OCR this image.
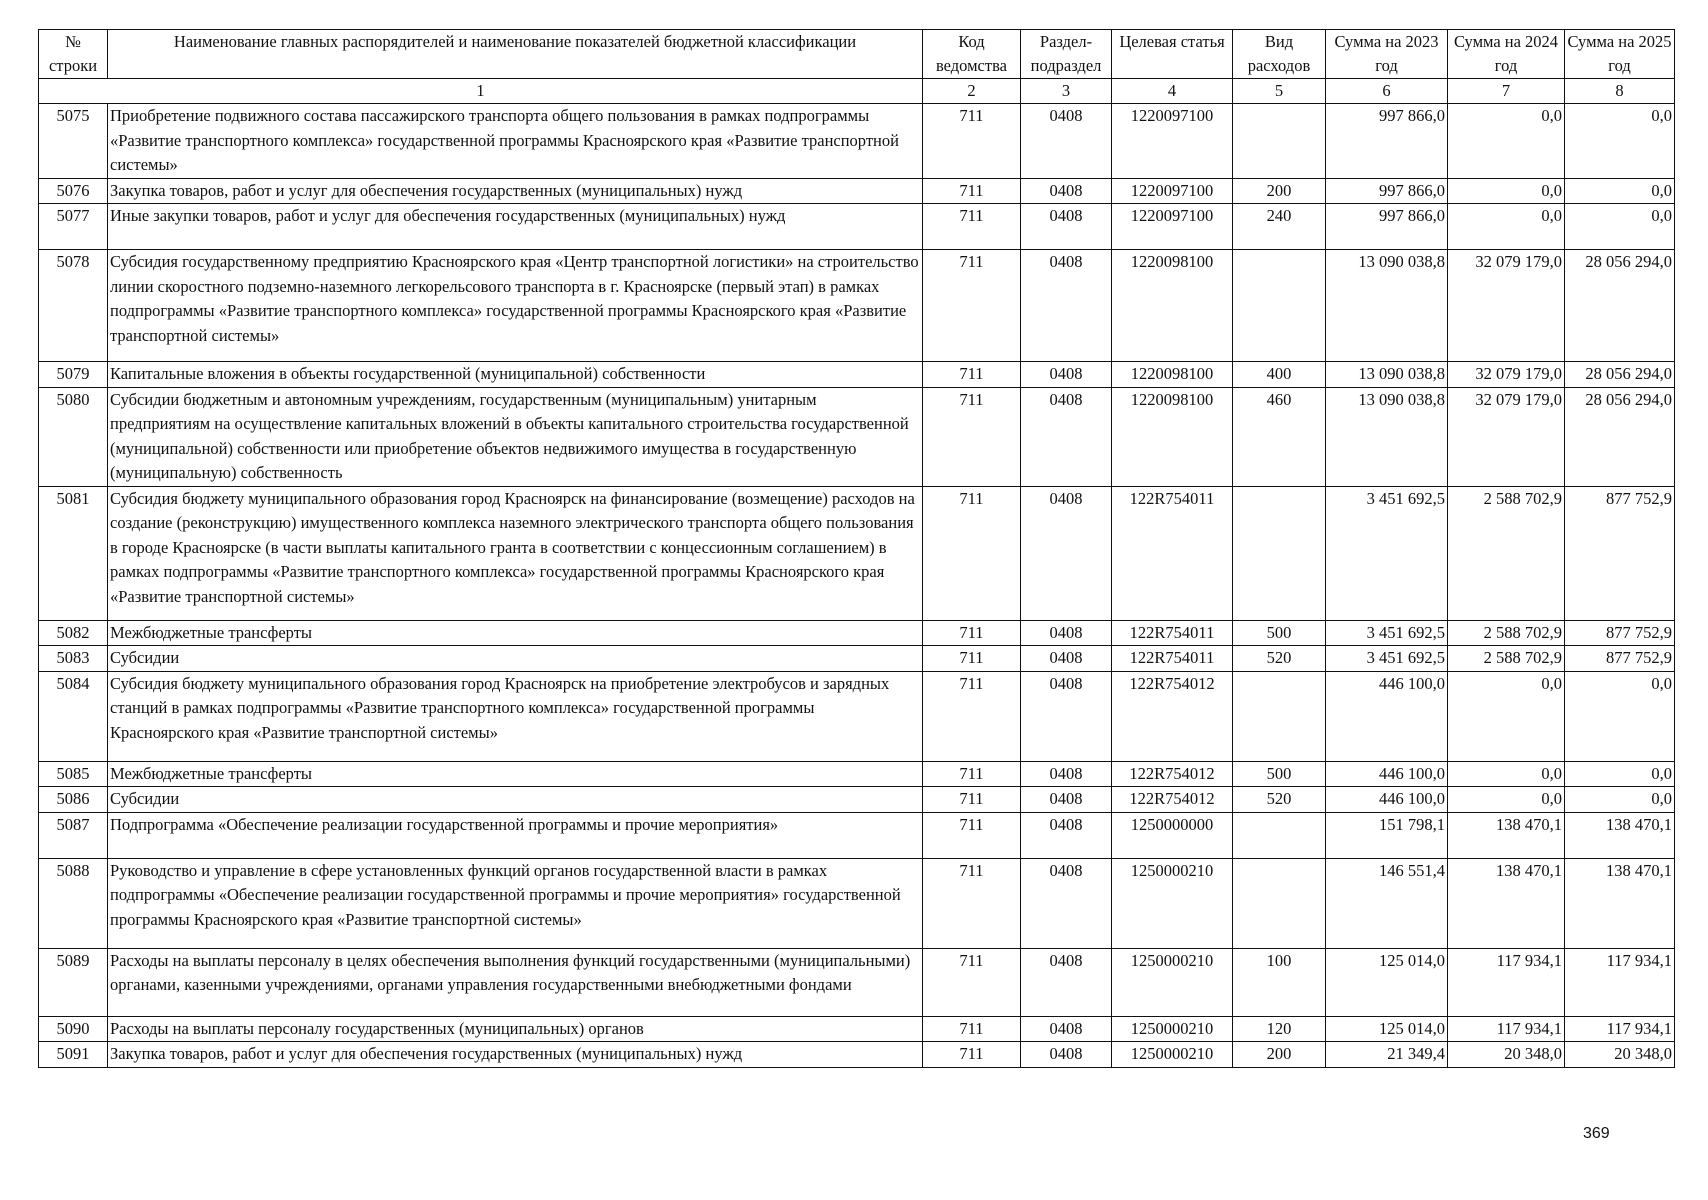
№ строки	Наименование главных распорядителей и наименование показателей бюджетной классификации	Код ведомства	Раздел-подраздел	Целевая статья	Вид расходов	Сумма на 2023 год	Сумма на 2024 год	Сумма на 2025 год
1		2	3	4	5	6	7	8
5075	Приобретение подвижного состава пассажирского транспорта общего пользования в рамках подпрограммы «Развитие транспортного комплекса» государственной программы Красноярского края «Развитие транспортной системы»	711	0408	1220097100		997 866,0	0,0	0,0
5076	Закупка товаров, работ и услуг для обеспечения государственных (муниципальных) нужд	711	0408	1220097100	200	997 866,0	0,0	0,0
5077	Иные закупки товаров, работ и услуг для обеспечения государственных (муниципальных) нужд	711	0408	1220097100	240	997 866,0	0,0	0,0
5078	Субсидия государственному предприятию Красноярского края «Центр транспортной логистики» на строительство линии скоростного подземно-наземного легкорельсового транспорта в г. Красноярске (первый этап) в рамках подпрограммы «Развитие транспортного комплекса» государственной программы Красноярского края «Развитие транспортной системы»	711	0408	1220098100		13 090 038,8	32 079 179,0	28 056 294,0
5079	Капитальные вложения в объекты государственной (муниципальной) собственности	711	0408	1220098100	400	13 090 038,8	32 079 179,0	28 056 294,0
5080	Субсидии бюджетным и автономным учреждениям, государственным (муниципальным) унитарным предприятиям на осуществление капитальных вложений в объекты капитального строительства государственной (муниципальной) собственности или приобретение объектов недвижимого имущества в государственную (муниципальную) собственность	711	0408	1220098100	460	13 090 038,8	32 079 179,0	28 056 294,0
5081	Субсидия бюджету муниципального образования город Красноярск на финансирование (возмещение) расходов на создание (реконструкцию) имущественного комплекса наземного электрического транспорта общего пользования в городе Красноярске (в части выплаты капитального гранта в соответствии с концессионным соглашением) в рамках подпрограммы «Развитие транспортного комплекса» государственной программы Красноярского края «Развитие транспортной системы»	711	0408	122R754011		3 451 692,5	2 588 702,9	877 752,9
5082	Межбюджетные трансферты	711	0408	122R754011	500	3 451 692,5	2 588 702,9	877 752,9
5083	Субсидии	711	0408	122R754011	520	3 451 692,5	2 588 702,9	877 752,9
5084	Субсидия бюджету муниципального образования город Красноярск на приобретение электробусов и зарядных станций в рамках подпрограммы «Развитие транспортного комплекса» государственной программы Красноярского края «Развитие транспортной системы»	711	0408	122R754012		446 100,0	0,0	0,0
5085	Межбюджетные трансферты	711	0408	122R754012	500	446 100,0	0,0	0,0
5086	Субсидии	711	0408	122R754012	520	446 100,0	0,0	0,0
5087	Подпрограмма «Обеспечение реализации государственной программы и прочие мероприятия»	711	0408	1250000000		151 798,1	138 470,1	138 470,1
5088	Руководство и управление в сфере установленных функций органов государственной власти в рамках подпрограммы «Обеспечение реализации государственной программы и прочие мероприятия» государственной программы Красноярского края «Развитие транспортной системы»	711	0408	1250000210		146 551,4	138 470,1	138 470,1
5089	Расходы на выплаты персоналу в целях обеспечения выполнения функций государственными (муниципальными) органами, казенными учреждениями, органами управления государственными внебюджетными фондами	711	0408	1250000210	100	125 014,0	117 934,1	117 934,1
5090	Расходы на выплаты персоналу государственных (муниципальных) органов	711	0408	1250000210	120	125 014,0	117 934,1	117 934,1
5091	Закупка товаров, работ и услуг для обеспечения государственных (муниципальных) нужд	711	0408	1250000210	200	21 349,4	20 348,0	20 348,0
369
